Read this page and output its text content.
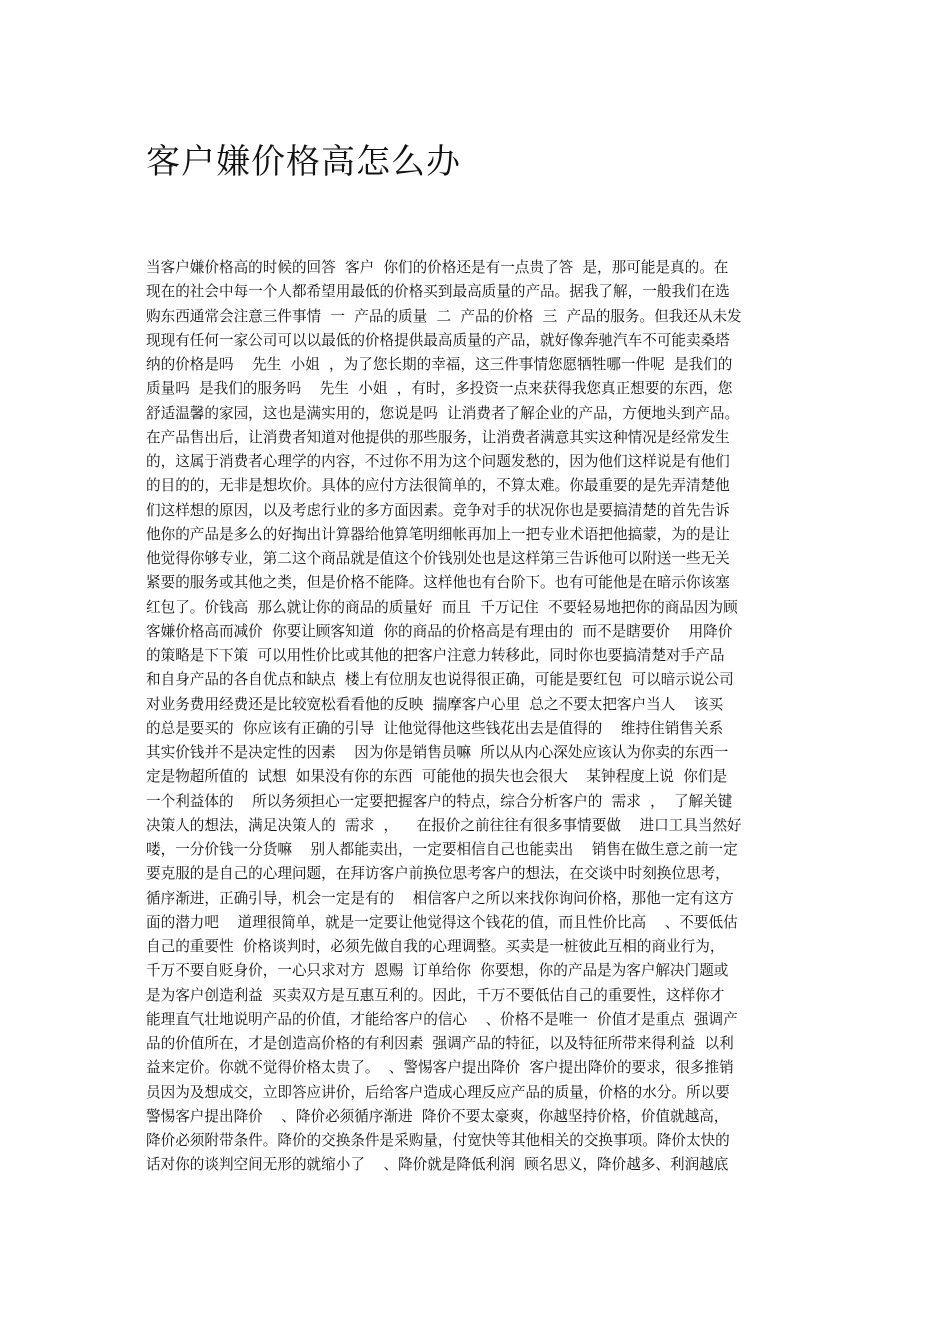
客户嫌价格高怎么办
当客户嫌价格高的时候的回答  客户  你们的价格还是有一点贵了答  是，那可能是真的。在
现在的社会中每一个人都希望用最低的价格买到最高质量的产品。据我了解，一般我们在选
购东西通常会注意三件事情  一  产品的质量  二  产品的价格  三  产品的服务。但我还从未发
现现有任何一家公司可以以最低的价格提供最高质量的产品，就好像奔驰汽车不可能卖桑塔
纳的价格是吗    先生  小姐  ，为了您长期的幸福，这三件事情您愿牺牲哪一件呢  是我们的
质量吗  是我们的服务吗    先生  小姐  ，有时，多投资一点来获得我您真正想要的东西，您
舒适温馨的家园，这也是满实用的，您说是吗  让消费者了解企业的产品，方便地头到产品。
在产品售出后，让消费者知道对他提供的那些服务，让消费者满意其实这种情况是经常发生
的，这属于消费者心理学的内容，不过你不用为这个问题发愁的，因为他们这样说是有他们
的目的的，无非是想坎价。具体的应付方法很简单的，不算太难。你最重要的是先弄清楚他
们这样想的原因，以及考虑行业的多方面因素。竞争对手的状况你也是要搞清楚的首先告诉
他你的产品是多么的好掏出计算器给他算笔明细帐再加上一把专业术语把他搞蒙，为的是让
他觉得你够专业，第二这个商品就是值这个价钱别处也是这样第三告诉他可以附送一些无关
紧要的服务或其他之类，但是价格不能降。这样他也有台阶下。也有可能他是在暗示你该塞
红包了。价钱高  那么就让你的商品的质量好  而且  千万记住  不要轻易地把你的商品因为顾
客嫌价格高而减价  你要让顾客知道  你的商品的价格高是有理由的  而不是瞎要价    用降价
的策略是下下策  可以用性价比或其他的把客户注意力转移此，同时你也要搞清楚对手产品
和自身产品的各自优点和缺点  楼上有位朋友也说得很正确，可能是要红包  可以暗示说公司
对业务费用经费还是比较宽松看看他的反映  揣摩客户心里  总之不要太把客户当人    该买
的总是要买的  你应该有正确的引导  让他觉得他这些钱花出去是值得的    维持住销售关系
其实价钱并不是决定性的因素    因为你是销售员嘛  所以从内心深处应该认为你卖的东西一
定是物超所值的  试想  如果没有你的东西  可能他的损失也会很大    某钟程度上说  你们是
一个利益体的    所以务须担心一定要把握客户的特点，综合分析客户的  需求  ，  了解关键
决策人的想法，满足决策人的  需求  ，    在报价之前往往有很多事情要做    进口工具当然好
喽，一分价钱一分货嘛    别人都能卖出，一定要相信自己也能卖出    销售在做生意之前一定
要克服的是自己的心理问题，在拜访客户前换位思考客户的想法，在交谈中时刻换位思考，
循序渐进，正确引导，机会一定是有的    相信客户之所以来找你询问价格，那他一定有这方
面的潜力吧    道理很简单，就是一定要让他觉得这个钱花的值，而且性价比高    、不要低估
自己的重要性  价格谈判时，必须先做自我的心理调整。买卖是一桩彼此互相的商业行为，
千万不要自贬身价，一心只求对方  恩赐  订单给你  你要想，你的产品是为客户解决门题或
是为客户创造利益  买卖双方是互惠互利的。因此，千万不要低估自己的重要性，这样你才
能理直气壮地说明产品的价值，才能给客户的信心    、价格不是唯一  价值才是重点  强调产
品的价值所在，才是创造高价格的有利因素  强调产品的特征，以及特征所带来得利益  以利
益来定价。你就不觉得价格太贵了。  、警惕客户提出降价  客户提出降价的要求，很多推销
员因为及想成交，立即答应讲价，后给客户造成心理反应产品的质量，价格的水分。所以要
警惕客户提出降价    、降价必须循序渐进  降价不要太豪爽，你越坚持价格，价值就越高，
降价必须附带条件。降价的交换条件是采购量，付宽快等其他相关的交换事项。降价太快的
话对你的谈判空间无形的就缩小了    、降价就是降低利润  顾名思义，降价越多、利润越底
